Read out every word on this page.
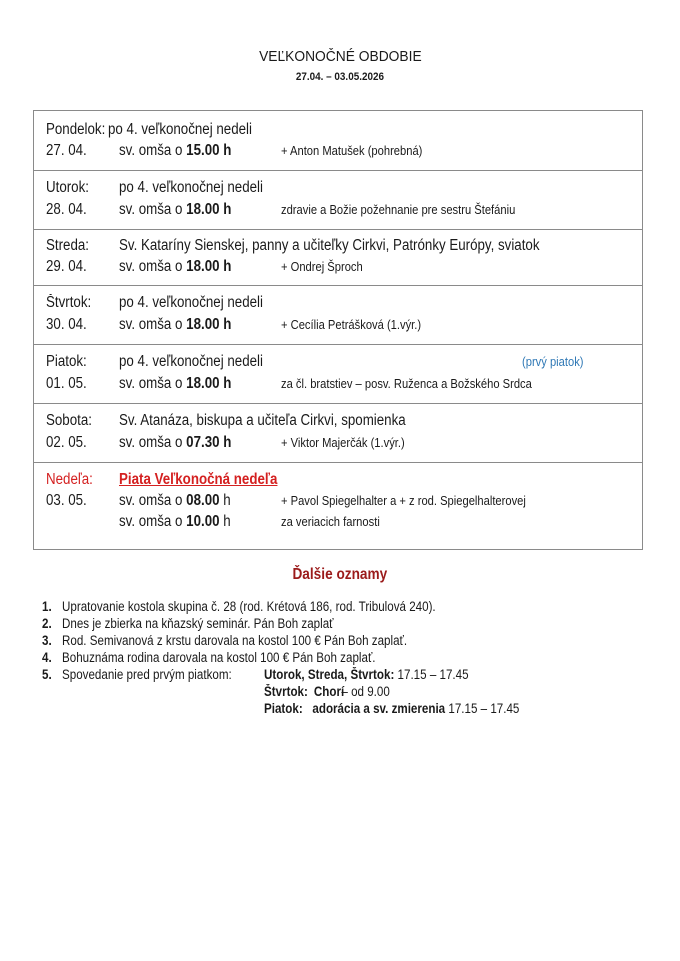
VEĽKONOČNÉ OBDOBIE
27.04. – 03.05.2026
Pondelok: po 4. veľkonočnej nedeli
27. 04. sv. omša o 15.00 h	+ Anton Matušek (pohrebná)
Utorok: po 4. veľkonočnej nedeli
28. 04. sv. omša o 18.00 h	zdravie a Božie požehnanie pre sestru Štefániu
Streda: Sv. Kataríny Sienskej, panny a učiteľky Cirkvi, Patrónky Európy, sviatok
29. 04. sv. omša o 18.00 h	+ Ondrej Šproch
Štvrtok: po 4. veľkonočnej nedeli
30. 04. sv. omša o 18.00 h	+ Cecília Petrášková (1.výr.)
Piatok: po 4. veľkonočnej nedeli	(prvý piatok)
01. 05. sv. omša o 18.00 h	za čl. bratstiev – posv. Ruženca a Božského Srdca
Sobota: Sv. Atanáza, biskupa a učiteľa Cirkvi, spomienka
02. 05. sv. omša o 07.30 h	+ Viktor Majerčák (1.výr.)
Nedeľa: Piata Veľkonočná nedeľa
03. 05. sv. omša o 08.00 h	+ Pavol Spiegelhalter a + z rod. Spiegelhalterovej
sv. omša o 10.00 h	za veriacich farnosti
Ďalšie oznamy
1. Upratovanie kostola skupina č. 28 (rod. Krétová 186, rod. Tribulová 240).
2. Dnes je zbierka na kňazský seminár. Pán Boh zaplať
3. Rod. Semivanová z krstu darovala na kostol 100 € Pán Boh zaplať.
4. Bohuznáma rodina darovala na kostol 100 € Pán Boh zaplať.
5. Spovedanie pred prvým piatkom: Utorok, Streda, Štvrtok: 17.15 – 17.45
Štvrtok: Chorí
– od 9.00
Piatok: adorácia a sv. zmierenia 17.15 – 17.45
